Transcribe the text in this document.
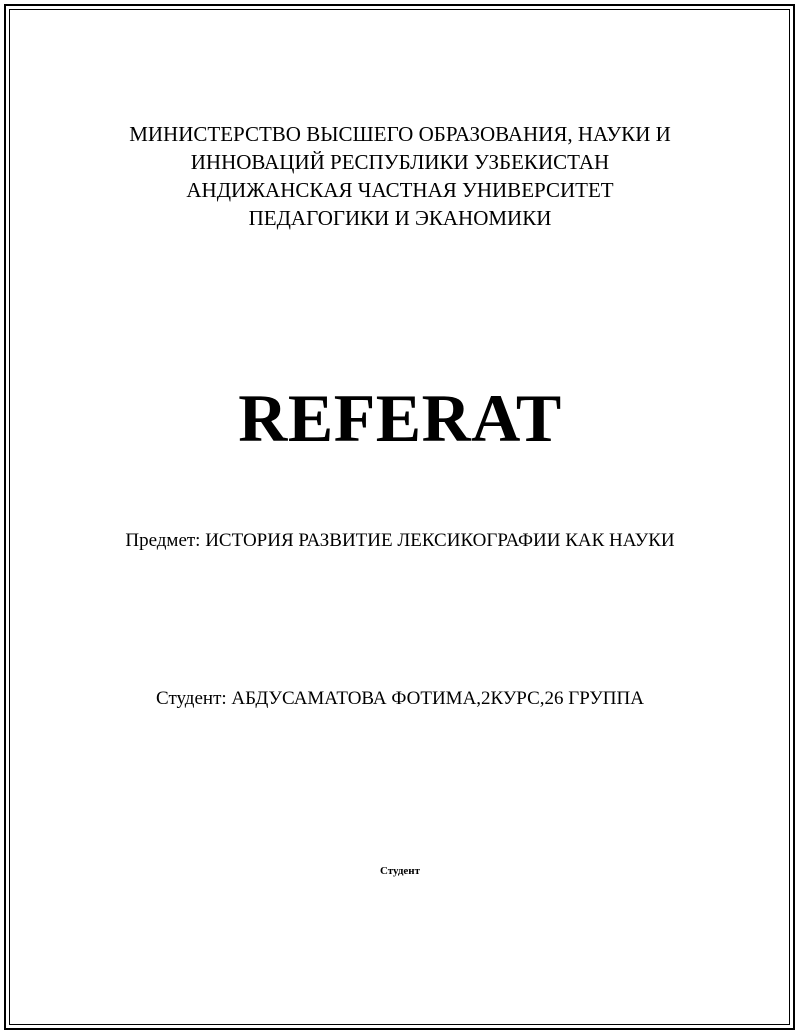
МИНИСТЕРСТВО ВЫСШЕГО ОБРАЗОВАНИЯ, НАУКИ И
ИННОВАЦИЙ РЕСПУБЛИКИ УЗБЕКИСТАН
АНДИЖАНСКАЯ ЧАСТНАЯ УНИВЕРСИТЕТ
ПЕДАГОГИКИ И ЭКАНОМИКИ
REFERAT
Предмет: ИСТОРИЯ РАЗВИТИЕ ЛЕКСИКОГРАФИИ КАК НАУКИ
Студент: АБДУСАМАТОВА ФОТИМА,2КУРС,26 ГРУППА
Студент
